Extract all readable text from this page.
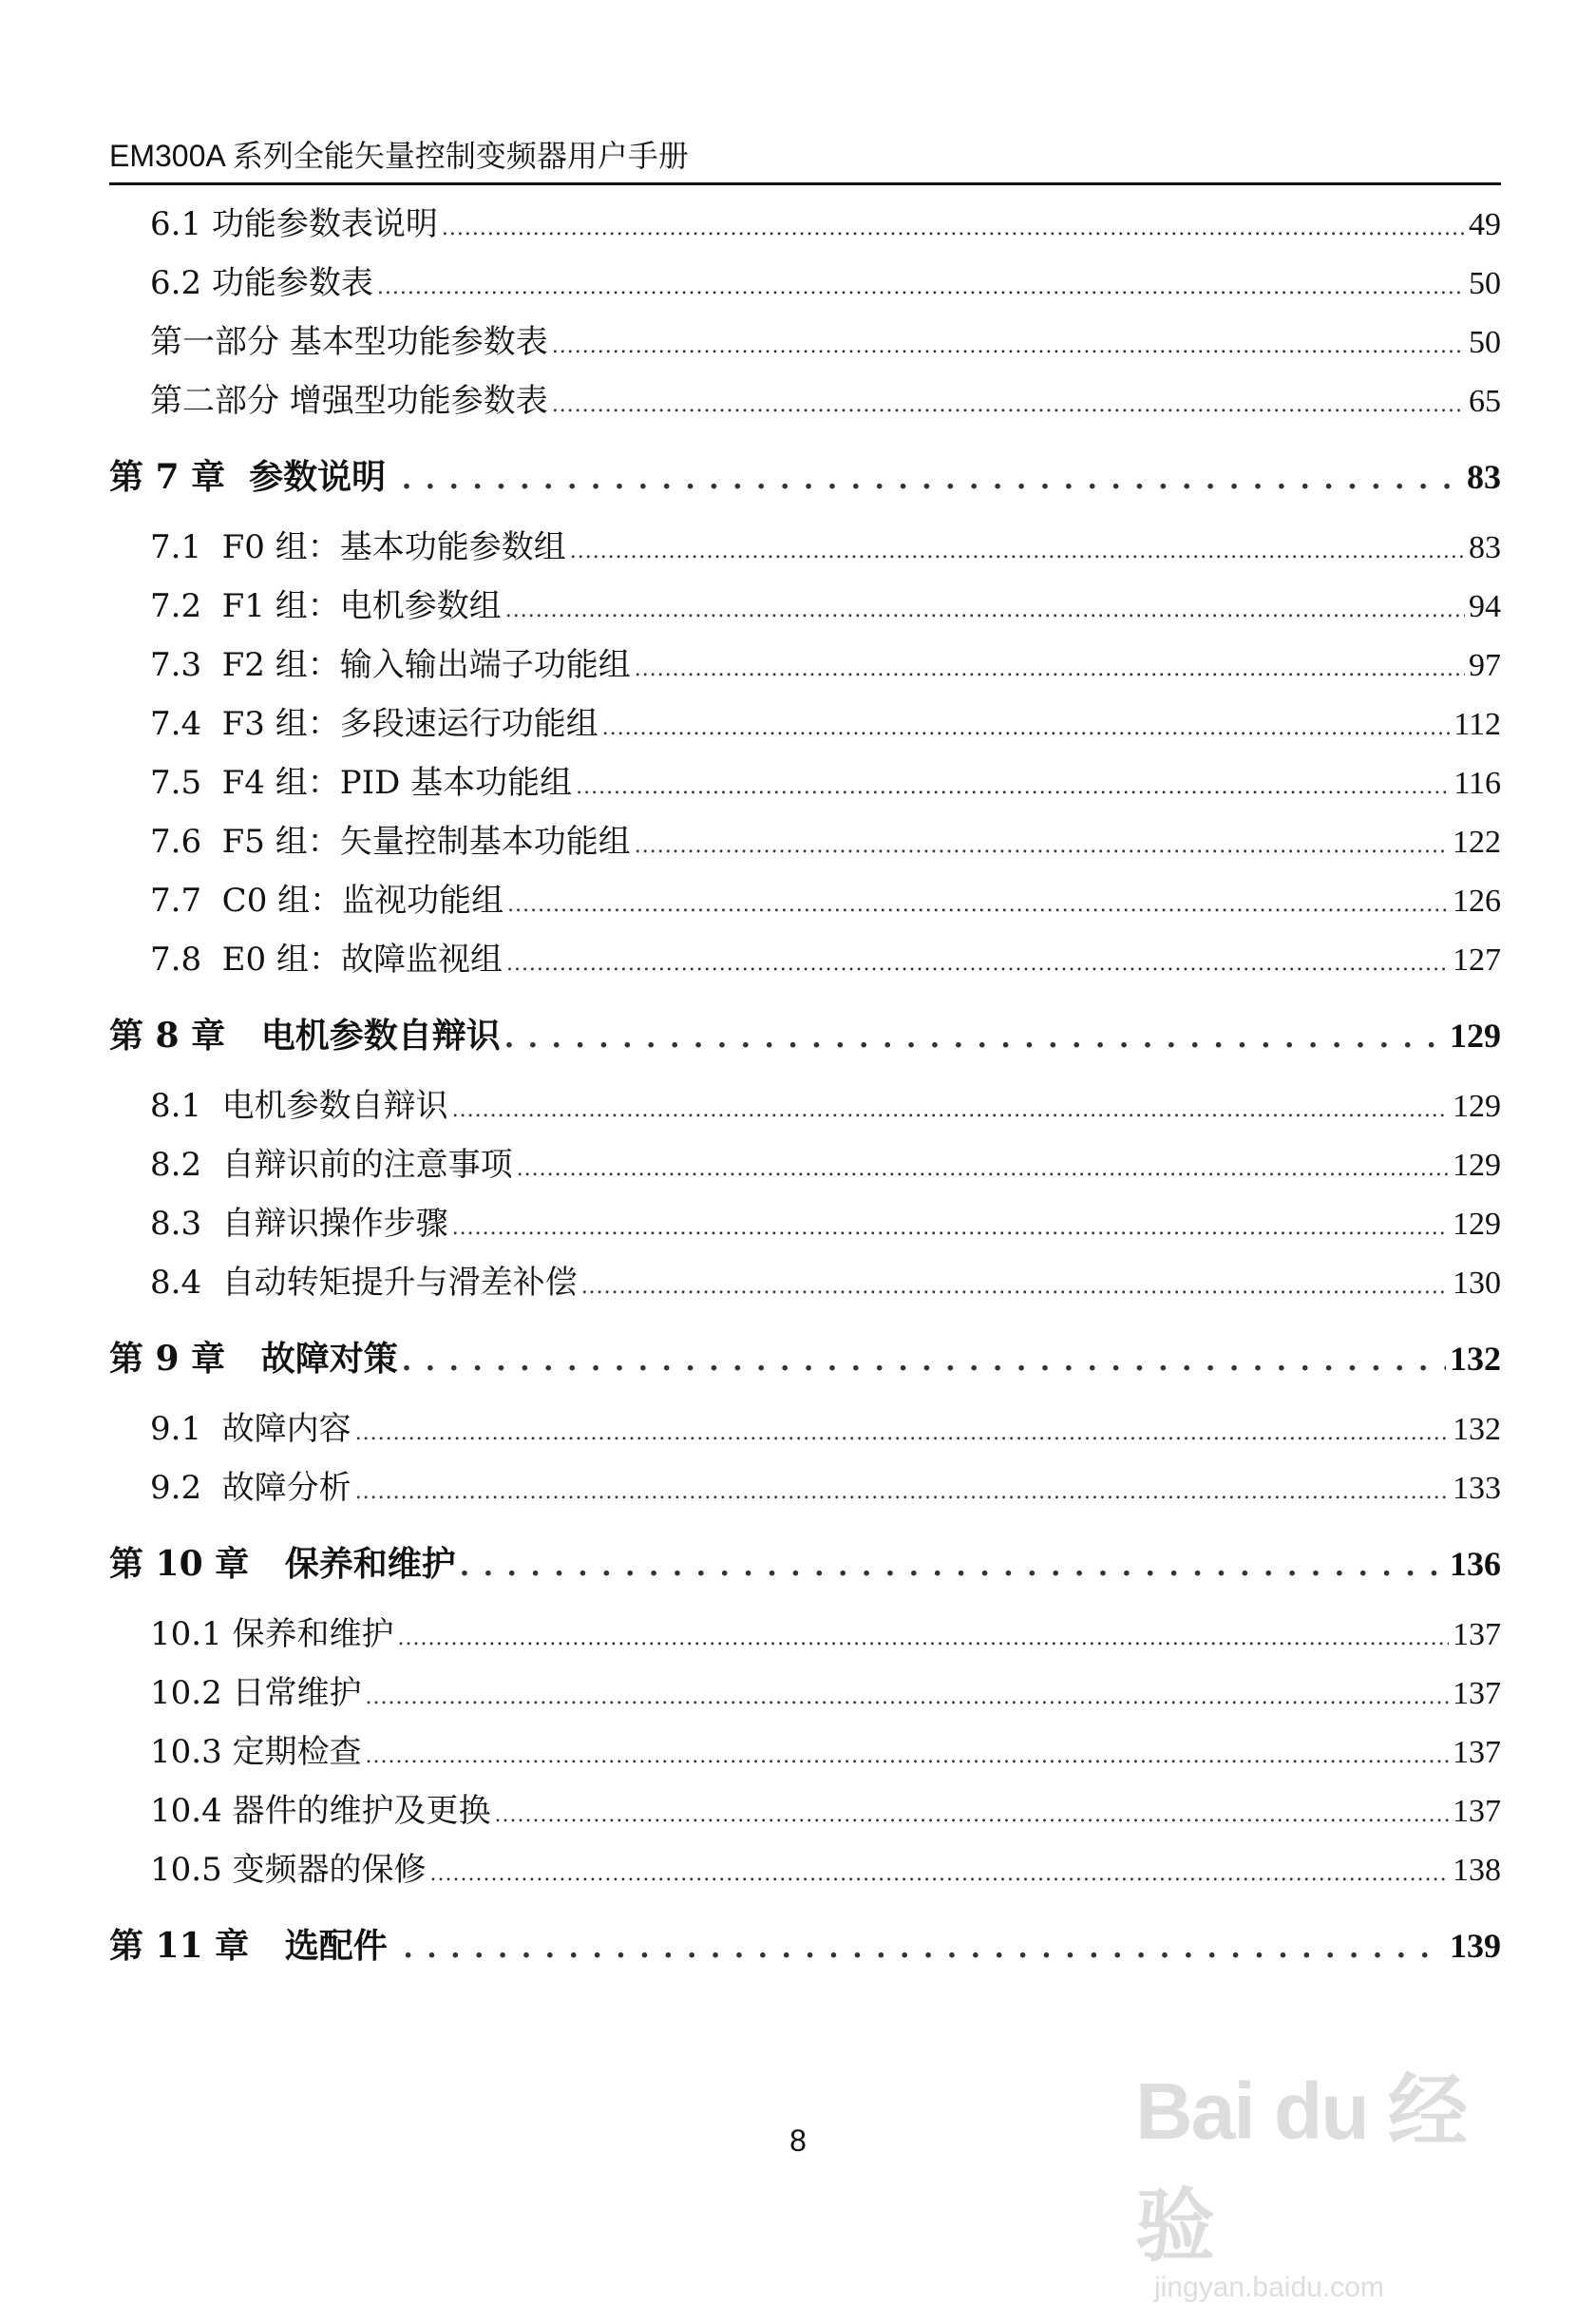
EM300A 系列全能矢量控制变频器用户手册
6.1 功能参数表说明 .....	49
6.2 功能参数表 .....	50
第一部分 基本型功能参数表 .....	50
第二部分 增强型功能参数表 .....	65
第 7 章  参数说明 . . .	83
7.1  F0 组：基本功能参数组 .....	83
7.2  F1 组：电机参数组 .....	94
7.3  F2 组：输入输出端子功能组 .....	97
7.4  F3 组：多段速运行功能组 .....	112
7.5  F4 组：PID 基本功能组 .....	116
7.6  F5 组：矢量控制基本功能组 .....	122
7.7  C0 组：监视功能组 .....	126
7.8  E0 组：故障监视组 .....	127
第 8 章   电机参数自辩识 . . .	129
8.1  电机参数自辩识 .....	129
8.2  自辩识前的注意事项 .....	129
8.3  自辩识操作步骤 .....	129
8.4  自动转矩提升与滑差补偿 .....	130
第 9 章   故障对策 . . .	132
9.1  故障内容 .....	132
9.2  故障分析 .....	133
第 10 章   保养和维护 . . .	136
10.1 保养和维护 .....	137
10.2 日常维护 .....	137
10.3 定期检查 .....	137
10.4 器件的维护及更换 .....	137
10.5 变频器的保修 .....	138
第 11 章   选配件 . . .	139
8	Bai du 经验
jingyan.baidu.com
